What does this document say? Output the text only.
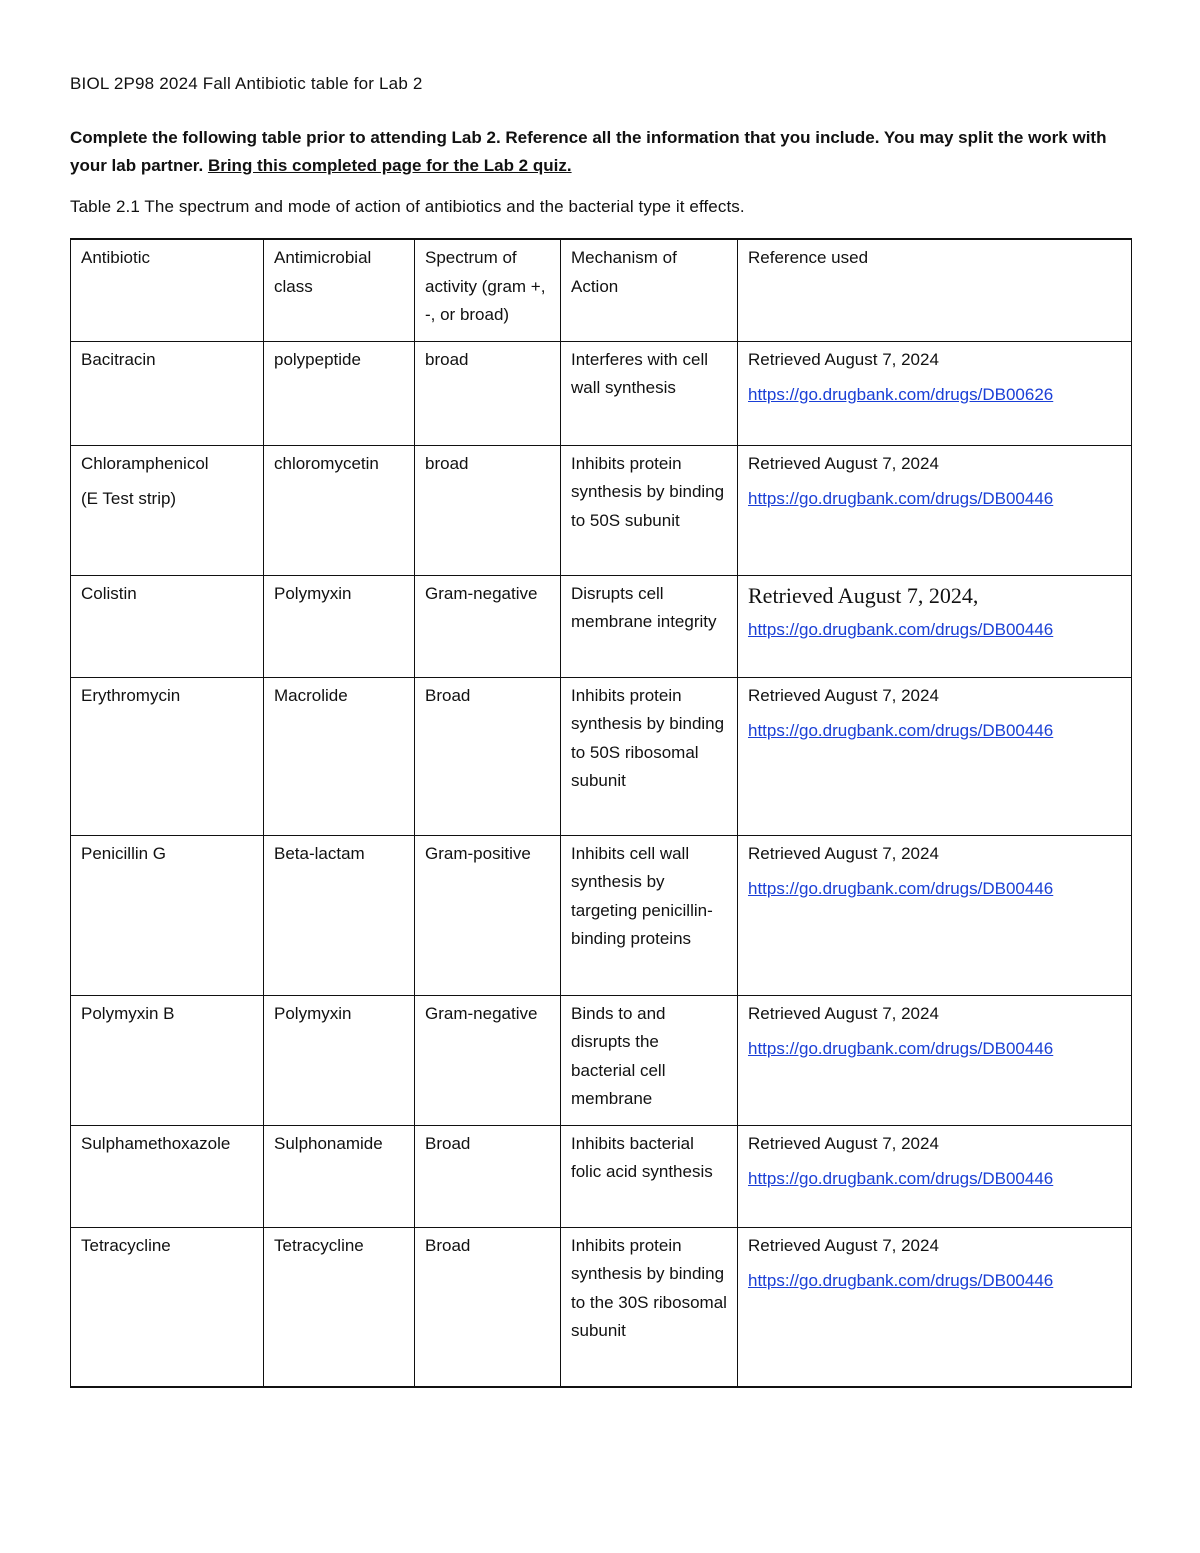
BIOL 2P98 2024 Fall Antibiotic table for Lab 2
Complete the following table prior to attending Lab 2. Reference all the information that you include. You may split the work with your lab partner. Bring this completed page for the Lab 2 quiz.
Table 2.1 The spectrum and mode of action of antibiotics and the bacterial type it effects.
Antibiotic	Antimicrobial class	Spectrum of activity (gram +, -, or broad)	Mechanism of Action	Reference used
Bacitracin	polypeptide	broad	Interferes with cell wall synthesis	Retrieved August 7, 2024
https://go.drugbank.com/drugs/DB00626

Chloramphenicol
(E Test strip)	chloromycetin	broad	Inhibits protein synthesis by binding to 50S subunit	Retrieved August 7, 2024
https://go.drugbank.com/drugs/DB00446

Colistin	Polymyxin	Gram-negative	Disrupts cell membrane integrity	Retrieved August 7, 2024,
https://go.drugbank.com/drugs/DB00446

Erythromycin	Macrolide	Broad	Inhibits protein synthesis by binding to 50S ribosomal subunit	Retrieved August 7, 2024
https://go.drugbank.com/drugs/DB00446

Penicillin G	Beta-lactam	Gram-positive	Inhibits cell wall synthesis by targeting penicillin-binding proteins	Retrieved August 7, 2024
https://go.drugbank.com/drugs/DB00446

Polymyxin B	Polymyxin	Gram-negative	Binds to and disrupts the bacterial cell membrane	Retrieved August 7, 2024
https://go.drugbank.com/drugs/DB00446

Sulphamethoxazole	Sulphonamide	Broad	Inhibits bacterial folic acid synthesis	Retrieved August 7, 2024
https://go.drugbank.com/drugs/DB00446

Tetracycline	Tetracycline	Broad	Inhibits protein synthesis by binding to the 30S ribosomal subunit	Retrieved August 7, 2024
https://go.drugbank.com/drugs/DB00446
